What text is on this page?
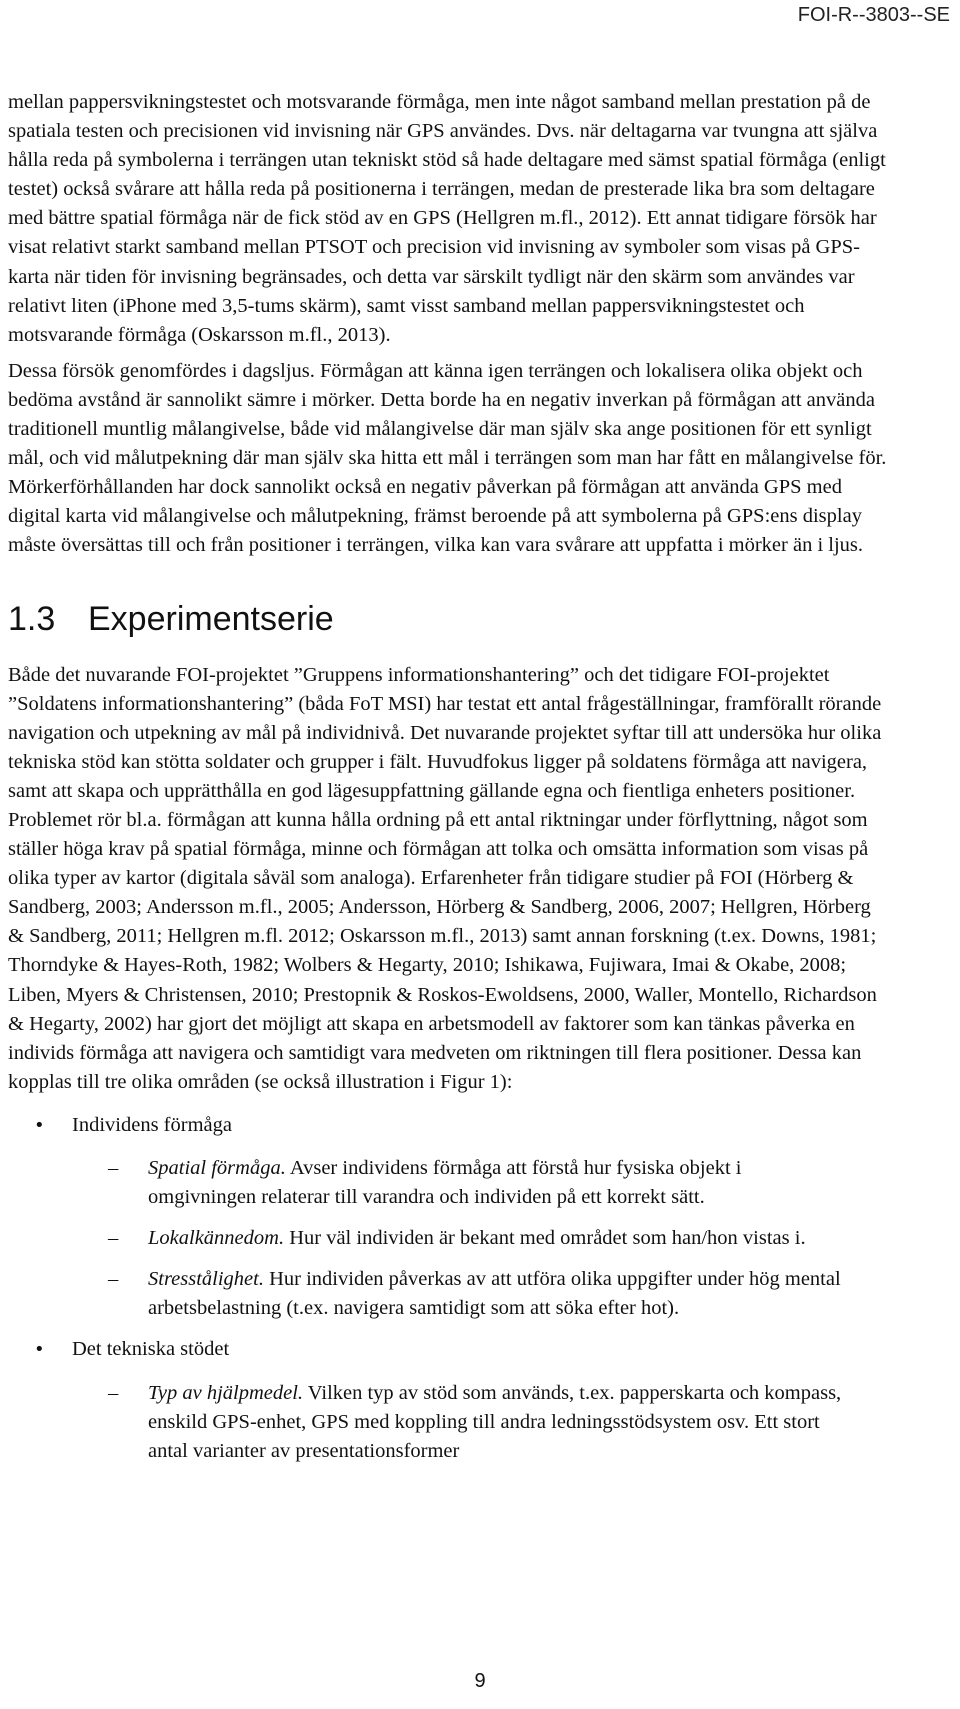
FOI-R--3803--SE

mellan pappersvikningstestet och motsvarande förmåga, men inte något samband mellan prestation på de spatiala testen och precisionen vid invisning när GPS användes. Dvs. när deltagarna var tvungna att själva hålla reda på symbolerna i terrängen utan tekniskt stöd så hade deltagare med sämst spatial förmåga (enligt testet) också svårare att hålla reda på positionerna i terrängen, medan de presterade lika bra som deltagare med bättre spatial förmåga när de fick stöd av en GPS (Hellgren m.fl., 2012). Ett annat tidigare försök har visat relativt starkt samband mellan PTSOT och precision vid invisning av symboler som visas på GPS-karta när tiden för invisning begränsades, och detta var särskilt tydligt när den skärm som användes var relativt liten (iPhone med 3,5-tums skärm), samt visst samband mellan pappersvikningstestet och motsvarande förmåga (Oskarsson m.fl., 2013).

Dessa försök genomfördes i dagsljus. Förmågan att känna igen terrängen och lokalisera olika objekt och bedöma avstånd är sannolikt sämre i mörker. Detta borde ha en negativ inverkan på förmågan att använda traditionell muntlig målangivelse, både vid målangivelse där man själv ska ange positionen för ett synligt mål, och vid målutpekning där man själv ska hitta ett mål i terrängen som man har fått en målangivelse för. Mörkerförhållanden har dock sannolikt också en negativ påverkan på förmågan att använda GPS med digital karta vid målangivelse och målutpekning, främst beroende på att symbolerna på GPS:ens display måste översättas till och från positioner i terrängen, vilka kan vara svårare att uppfatta i mörker än i ljus.

1.3 Experimentserie

Både det nuvarande FOI-projektet ”Gruppens informationshantering” och det tidigare FOI-projektet ”Soldatens informationshantering” (båda FoT MSI) har testat ett antal frågeställningar, framförallt rörande navigation och utpekning av mål på individnivå. Det nuvarande projektet syftar till att undersöka hur olika tekniska stöd kan stötta soldater och grupper i fält. Huvudfokus ligger på soldatens förmåga att navigera, samt att skapa och upprätthålla en god lägesuppfattning gällande egna och fientliga enheters positioner. Problemet rör bl.a. förmågan att kunna hålla ordning på ett antal riktningar under förflyttning, något som ställer höga krav på spatial förmåga, minne och förmågan att tolka och omsätta information som visas på olika typer av kartor (digitala såväl som analoga). Erfarenheter från tidigare studier på FOI (Hörberg & Sandberg, 2003; Andersson m.fl., 2005; Andersson, Hörberg & Sandberg, 2006, 2007; Hellgren, Hörberg & Sandberg, 2011; Hellgren m.fl. 2012; Oskarsson m.fl., 2013) samt annan forskning (t.ex. Downs, 1981; Thorndyke & Hayes-Roth, 1982; Wolbers & Hegarty, 2010; Ishikawa, Fujiwara, Imai & Okabe, 2008; Liben, Myers & Christensen, 2010; Prestopnik & Roskos-Ewoldsens, 2000, Waller, Montello, Richardson & Hegarty, 2002) har gjort det möjligt att skapa en arbetsmodell av faktorer som kan tänkas påverka en individs förmåga att navigera och samtidigt vara medveten om riktningen till flera positioner. Dessa kan kopplas till tre olika områden (se också illustration i Figur 1):

• Individens förmåga
– Spatial förmåga. Avser individens förmåga att förstå hur fysiska objekt i omgivningen relaterar till varandra och individen på ett korrekt sätt.
– Lokalkännedom. Hur väl individen är bekant med området som han/hon vistas i.
– Stresstålighet. Hur individen påverkas av att utföra olika uppgifter under hög mental arbetsbelastning (t.ex. navigera samtidigt som att söka efter hot).
• Det tekniska stödet
– Typ av hjälpmedel. Vilken typ av stöd som används, t.ex. papperskarta och kompass, enskild GPS-enhet, GPS med koppling till andra ledningsstödsystem osv. Ett stort antal varianter av presentationsformer
9
